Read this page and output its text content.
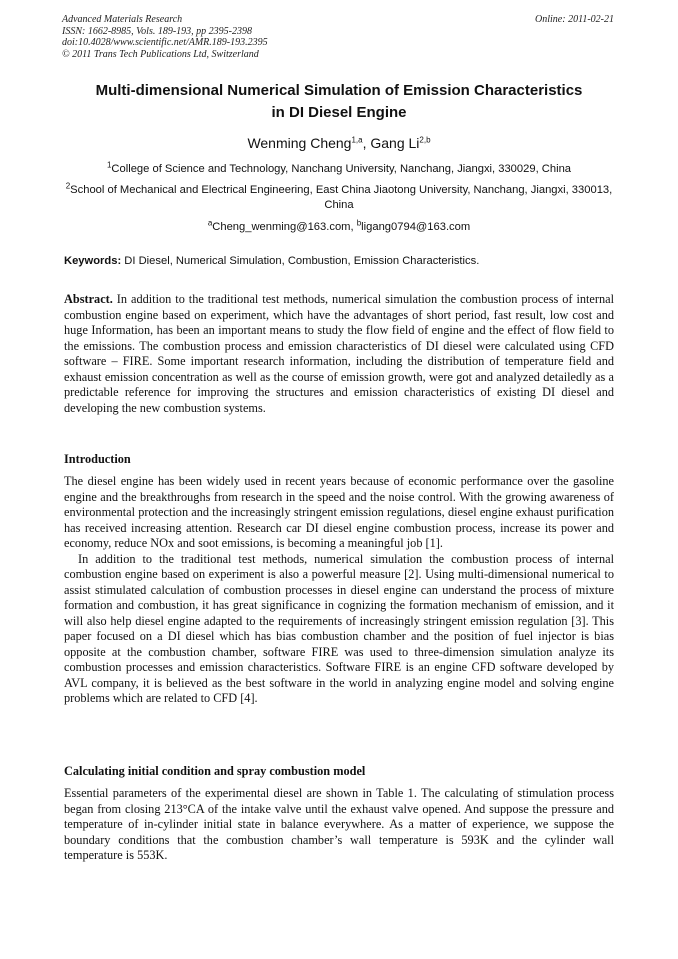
Advanced Materials Research
ISSN: 1662-8985, Vols. 189-193, pp 2395-2398
doi:10.4028/www.scientific.net/AMR.189-193.2395
© 2011 Trans Tech Publications Ltd, Switzerland
Online: 2011-02-21
Multi-dimensional Numerical Simulation of Emission Characteristics
in DI Diesel Engine
Wenming Cheng$^{1,a}$, Gang Li$^{2,b}$
$^1$College of Science and Technology, Nanchang University, Nanchang, Jiangxi, 330029, China
$^2$School of Mechanical and Electrical Engineering, East China Jiaotong University, Nanchang, Jiangxi, 330013, China
$^a$Cheng_wenming@163.com, $^b$ligang0794@163.com
Keywords: DI Diesel, Numerical Simulation, Combustion, Emission Characteristics.

Abstract. In addition to the traditional test methods, numerical simulation the combustion process of internal combustion engine based on experiment, which have the advantages of short period, fast result, low cost and huge Information, has been an important means to study the flow field of engine and the effect of flow field to the emissions. The combustion process and emission characteristics of DI diesel were calculated using CFD software – FIRE. Some important research information, including the distribution of temperature field and exhaust emission concentration as well as the course of emission growth, were got and analyzed detailedly as a predictable reference for improving the structures and emission characteristics of existing DI diesel and developing the new combustion systems.

Introduction

The diesel engine has been widely used in recent years because of economic performance over the gasoline engine and the breakthroughs from research in the speed and the noise control. With the growing awareness of environmental protection and the increasingly stringent emission regulations, diesel engine exhaust purification has received increasing attention. Research car DI diesel engine combustion process, increase its power and economy, reduce NOx and soot emissions, is becoming a meaningful job [1].

In addition to the traditional test methods, numerical simulation the combustion process of internal combustion engine based on experiment is also a powerful measure [2]. Using multi-dimensional numerical to assist stimulated calculation of combustion processes in diesel engine can understand the process of mixture formation and combustion, it has great significance in cognizing the formation mechanism of emission, and it will also help diesel engine adapted to the requirements of increasingly stringent emission regulation [3]. This paper focused on a DI diesel which has bias combustion chamber and the position of fuel injector is bias opposite at the combustion chamber, software FIRE was used to three-dimension simulation analyze its combustion processes and emission characteristics. Software FIRE is an engine CFD software developed by AVL company, it is believed as the best software in the world in analyzing engine model and solving engine problems which are related to CFD [4].

Calculating initial condition and spray combustion model

Essential parameters of the experimental diesel are shown in Table 1. The calculating of stimulation process began from closing 213°CA of the intake valve until the exhaust valve opened. And suppose the pressure and temperature of in-cylinder initial state in balance everywhere. As a matter of experience, we suppose the boundary conditions that the combustion chamber’s wall temperature is 593K and the cylinder wall temperature is 553K.
